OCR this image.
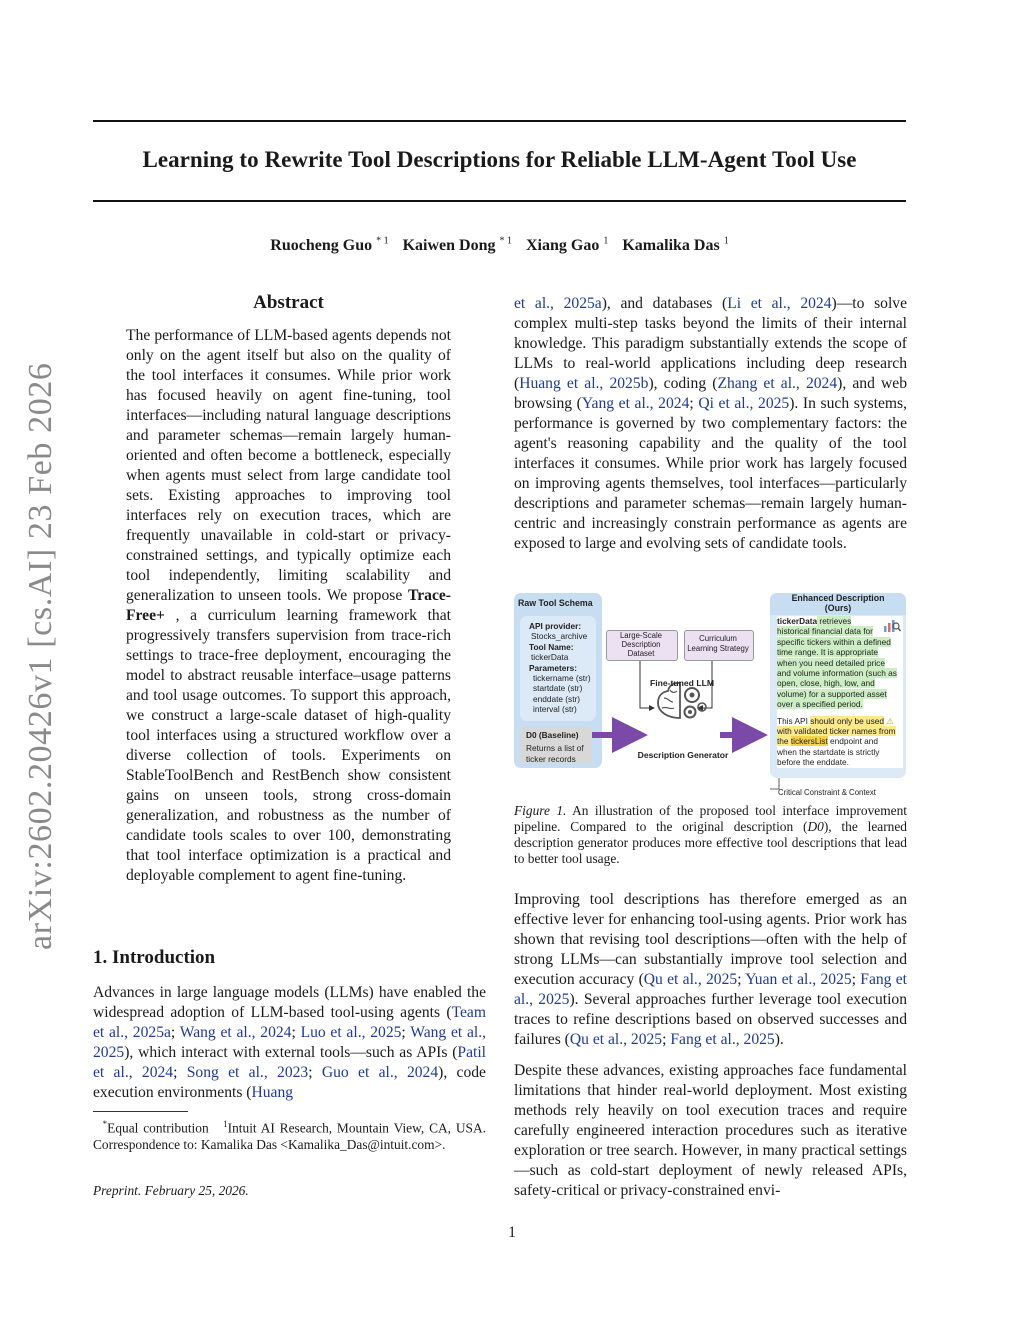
Learning to Rewrite Tool Descriptions for Reliable LLM-Agent Tool Use
Ruocheng Guo $^{* 1}$ Kaiwen Dong $^{* 1}$ Xiang Gao $^1$ Kamalika Das $^1$
arXiv:2602.20426v1 [cs.AI] 23 Feb 2026
Abstract
The performance of LLM-based agents depends not only on the agent itself but also on the quality of the tool interfaces it consumes. While prior work has focused heavily on agent fine-tuning, tool interfaces—including natural language descriptions and parameter schemas—remain largely human-oriented and often become a bottleneck, especially when agents must select from large candidate tool sets. Existing approaches to improving tool interfaces rely on execution traces, which are frequently unavailable in cold-start or privacy-constrained settings, and typically optimize each tool independently, limiting scalability and generalization to unseen tools. We propose Trace-Free+ , a curriculum learning framework that progressively transfers supervision from trace-rich settings to trace-free deployment, encouraging the model to abstract reusable interface–usage patterns and tool usage outcomes. To support this approach, we construct a large-scale dataset of high-quality tool interfaces using a structured workflow over a diverse collection of tools. Experiments on StableToolBench and RestBench show consistent gains on unseen tools, strong cross-domain generalization, and robustness as the number of candidate tools scales to over 100, demonstrating that tool interface optimization is a practical and deployable complement to agent fine-tuning.
1. Introduction
Advances in large language models (LLMs) have enabled the widespread adoption of LLM-based tool-using agents (Team et al., 2025a; Wang et al., 2024; Luo et al., 2025; Wang et al., 2025), which interact with external tools—such as APIs (Patil et al., 2024; Song et al., 2023; Guo et al., 2024), code execution environments (Huang
*Equal contribution $^1$Intuit AI Research, Mountain View, CA, USA. Correspondence to: Kamalika Das <Kamalika_Das@intuit.com>.
Preprint. February 25, 2026.
et al., 2025a), and databases (Li et al., 2024)—to solve complex multi-step tasks beyond the limits of their internal knowledge. This paradigm substantially extends the scope of LLMs to real-world applications including deep research (Huang et al., 2025b), coding (Zhang et al., 2024), and web browsing (Yang et al., 2024; Qi et al., 2025). In such systems, performance is governed by two complementary factors: the agent's reasoning capability and the quality of the tool interfaces it consumes. While prior work has largely focused on improving agents themselves, tool interfaces—particularly descriptions and parameter schemas—remain largely human-centric and increasingly constrain performance as agents are exposed to large and evolving sets of candidate tools.
Raw Tool Schema
API provider:
Stocks_archive
Tool Name:
tickerData
Parameters:
tickername (str)
startdate (str)
enddate (str)
interval (str)
D0 (Baseline)
Returns a list of
ticker records
Large-Scale
Description
Dataset
Curriculum
Learning Strategy
Fine-tuned LLM
Description Generator
Enhanced Description
(Ours)
tickerData retrieves
historical financial data for
specific tickers within a defined
time range. It is appropriate
when you need detailed price
and volume information (such as
open, close, high, low, and
volume) for a supported asset
over a specified period.
This API should only be used ⚠
with validated ticker names from
the tickersList endpoint and
when the startdate is strictly
before the enddate.
Critical Constraint & Context
Figure 1. An illustration of the proposed tool interface improvement pipeline. Compared to the original description (D0), the learned description generator produces more effective tool descriptions that lead to better tool usage.
Improving tool descriptions has therefore emerged as an effective lever for enhancing tool-using agents. Prior work has shown that revising tool descriptions—often with the help of strong LLMs—can substantially improve tool selection and execution accuracy (Qu et al., 2025; Yuan et al., 2025; Fang et al., 2025). Several approaches further leverage tool execution traces to refine descriptions based on observed successes and failures (Qu et al., 2025; Fang et al., 2025).
Despite these advances, existing approaches face fundamental limitations that hinder real-world deployment. Most existing methods rely heavily on tool execution traces and require carefully engineered interaction procedures such as iterative exploration or tree search. However, in many practical settings—such as cold-start deployment of newly released APIs, safety-critical or privacy-constrained envi-
1
